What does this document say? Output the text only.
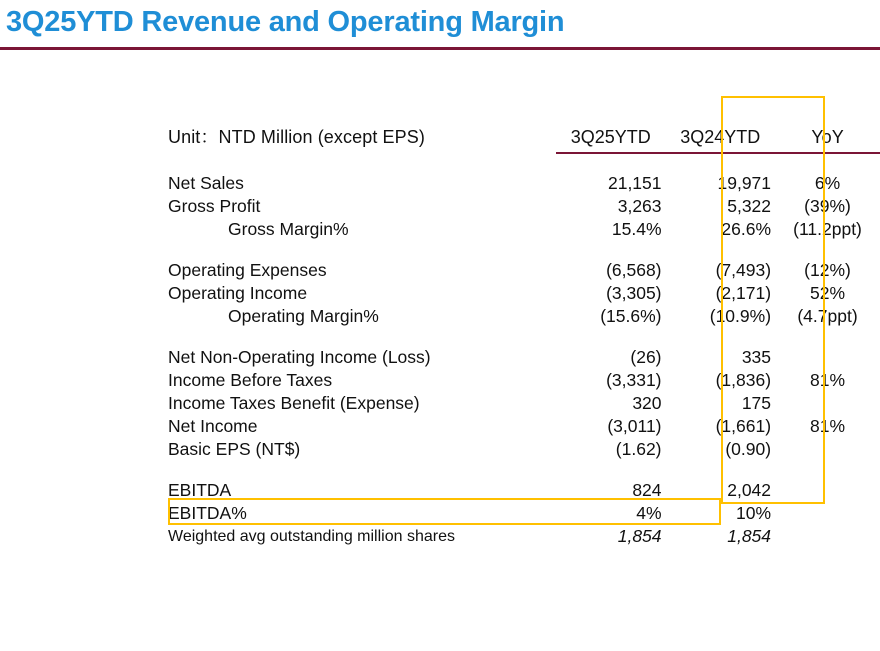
3Q25YTD Revenue and Operating Margin
Unit：NTD Million (except EPS)	3Q25YTD	3Q24YTD	YoY

Net Sales	21,151	19,971	6%
Gross Profit	3,263	5,322	(39%)
Gross Margin%	15.4%	26.6%	(11.2ppt)

Operating Expenses	(6,568)	(7,493)	(12%)
Operating Income	(3,305)	(2,171)	52%
Operating Margin%	(15.6%)	(10.9%)	(4.7ppt)

Net Non-Operating Income (Loss)	(26)	335	
Income Before Taxes	(3,331)	(1,836)	81%
Income Taxes Benefit (Expense)	320	175	
Net Income	(3,011)	(1,661)	81%
Basic EPS (NT$)	(1.62)	(0.90)	

EBITDA	824	2,042	
EBITDA%	4%	10%	
Weighted avg outstanding million shares	1,854	1,854	
